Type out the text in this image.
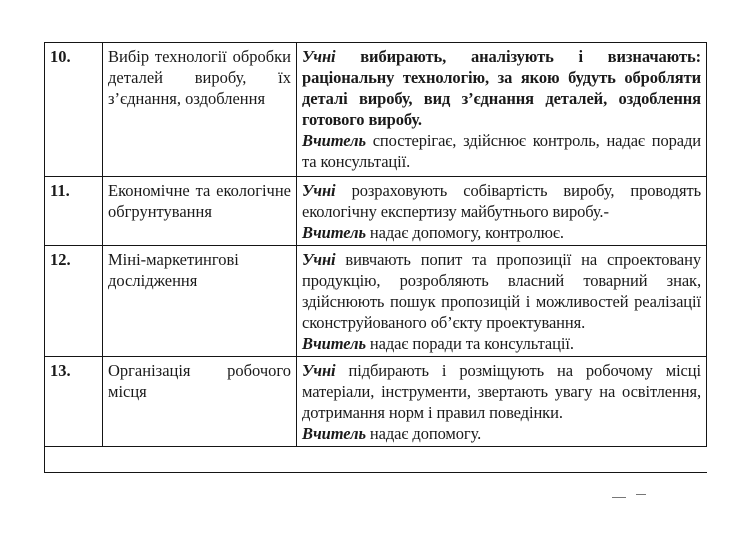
10.	Вибір технології обробки деталей виробу, їх з’єднання, оздоблення	Учні вибирають, аналізують і визначають: раціональну технологію, за якою будуть обробляти деталі виробу, вид з’єднання деталей, оздоблення готового виробу.
Вчитель спостерігає, здійснює контроль, надає поради та консультації.

11.	Економічне та екологічне обгрунтування	Учні розраховують собівартість виробу, проводять екологічну експертизу майбутнього виробу.-
Вчитель надає допомогу, контролює.

12.	Міні-маркетингові дослідження	Учні вивчають попит та пропозиції на спроектовану продукцію, розробляють власний товарний знак, здійснюють пошук пропозицій і можливостей реалізації сконструйованого об’єкту проектування.
Вчитель надає поради та консультації.

13.	Організація робочого місця	Учні підбирають і розміщують на робочому місці матеріали, інструменти, звертають увагу на освітлення, дотримання норм і правил поведінки.
Вчитель надає допомогу.
